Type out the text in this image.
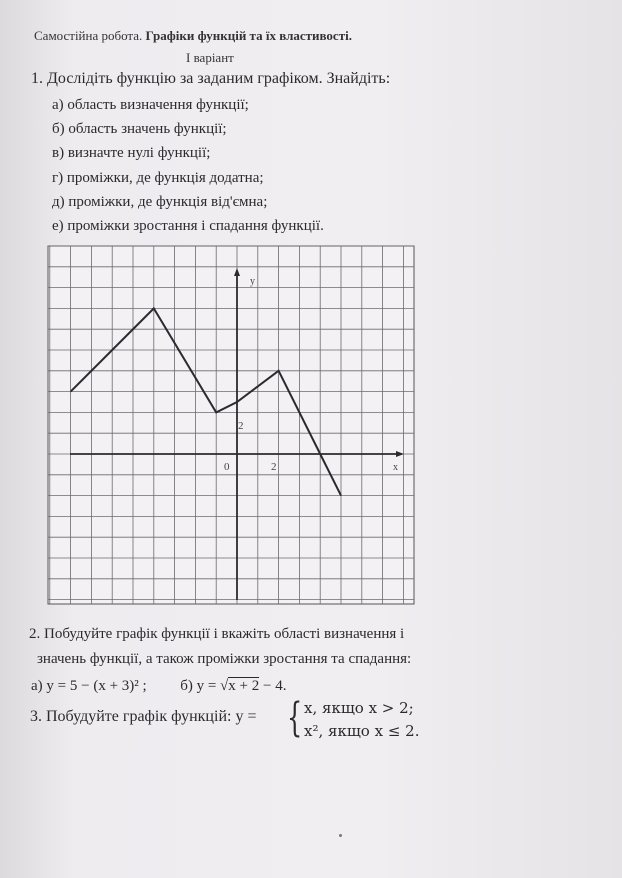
Самостійна робота. Графіки функцій та їх властивості.
І варіант
1. Дослідіть функцію за заданим графіком. Знайдіть:
а) область визначення функції;
б) область значень функції;
в) визначте нулі функції;
г) проміжки, де функція додатна;
д) проміжки, де функція від'ємна;
е) проміжки зростання і спадання функції.
x
y
0	2
2
2. Побудуйте графік функції і вкажіть області визначення і
значень функції, а також проміжки зростання та спадання:
а) y = 5 − (x + 3)² ; б) y = √x + 2 − 4.
3. Побудуйте графік функцій: y = { x, якщо x > 2;
x², якщо x ≤ 2.
